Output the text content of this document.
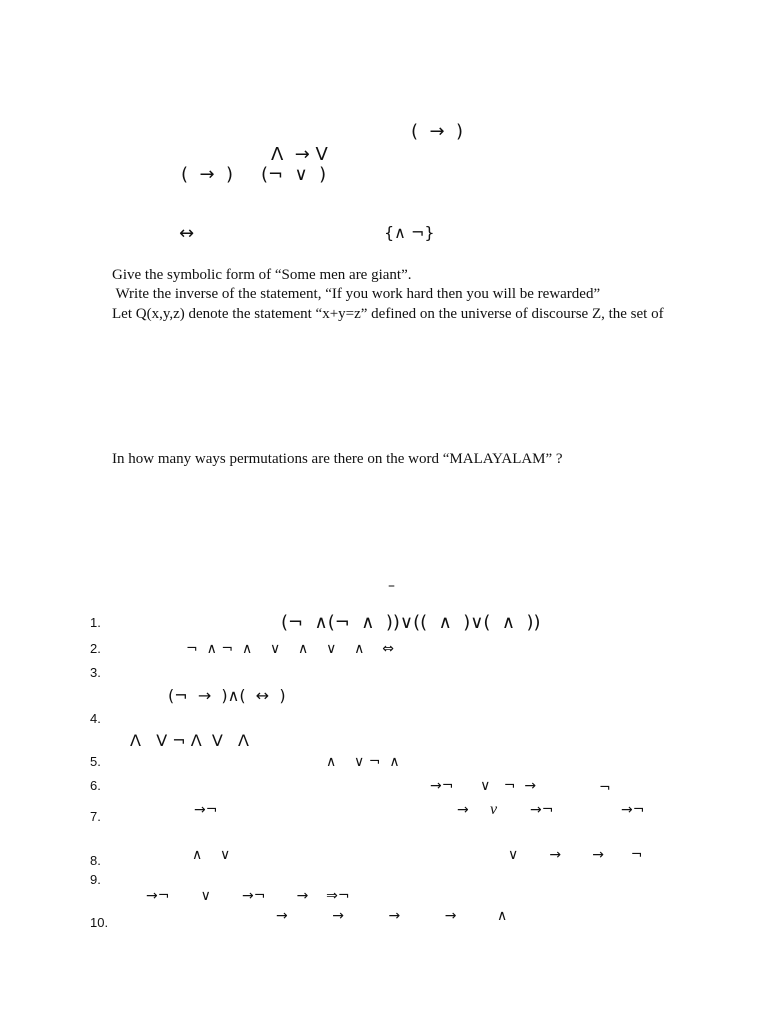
(  →  )
Λ  → V
(  →  ) (¬  ∨  )
↔	{∧ ¬}
Give the symbolic form of “Some men are giant”.
Write the inverse of the statement, “If you work hard then you will be rewarded”
Let Q(x,y,z) denote the statement “x+y=z” defined on the universe of discourse Z, the set of
In how many ways permutations are there on the word “MALAYALAM” ?
–
1.	(¬  ∧(¬  ∧  ))∨((  ∧  )∨(  ∧  ))
2.	¬  ∧ ¬  ∧    ∨    ∧    ∨    ∧    ⇔
3.
(¬  →  )∧(  ↔  )
4.
Λ   V ¬ Λ  V   Λ
5.	∧    ∨ ¬  ∧
6.	→¬      ∨   ¬  →	¬
7.	→¬	→ ν →¬	→¬
8.	∧    ∨	∨       →       →      ¬
9.
→¬       ∨       →¬       →    ⇒¬
10.	→          →          →          →	∧
